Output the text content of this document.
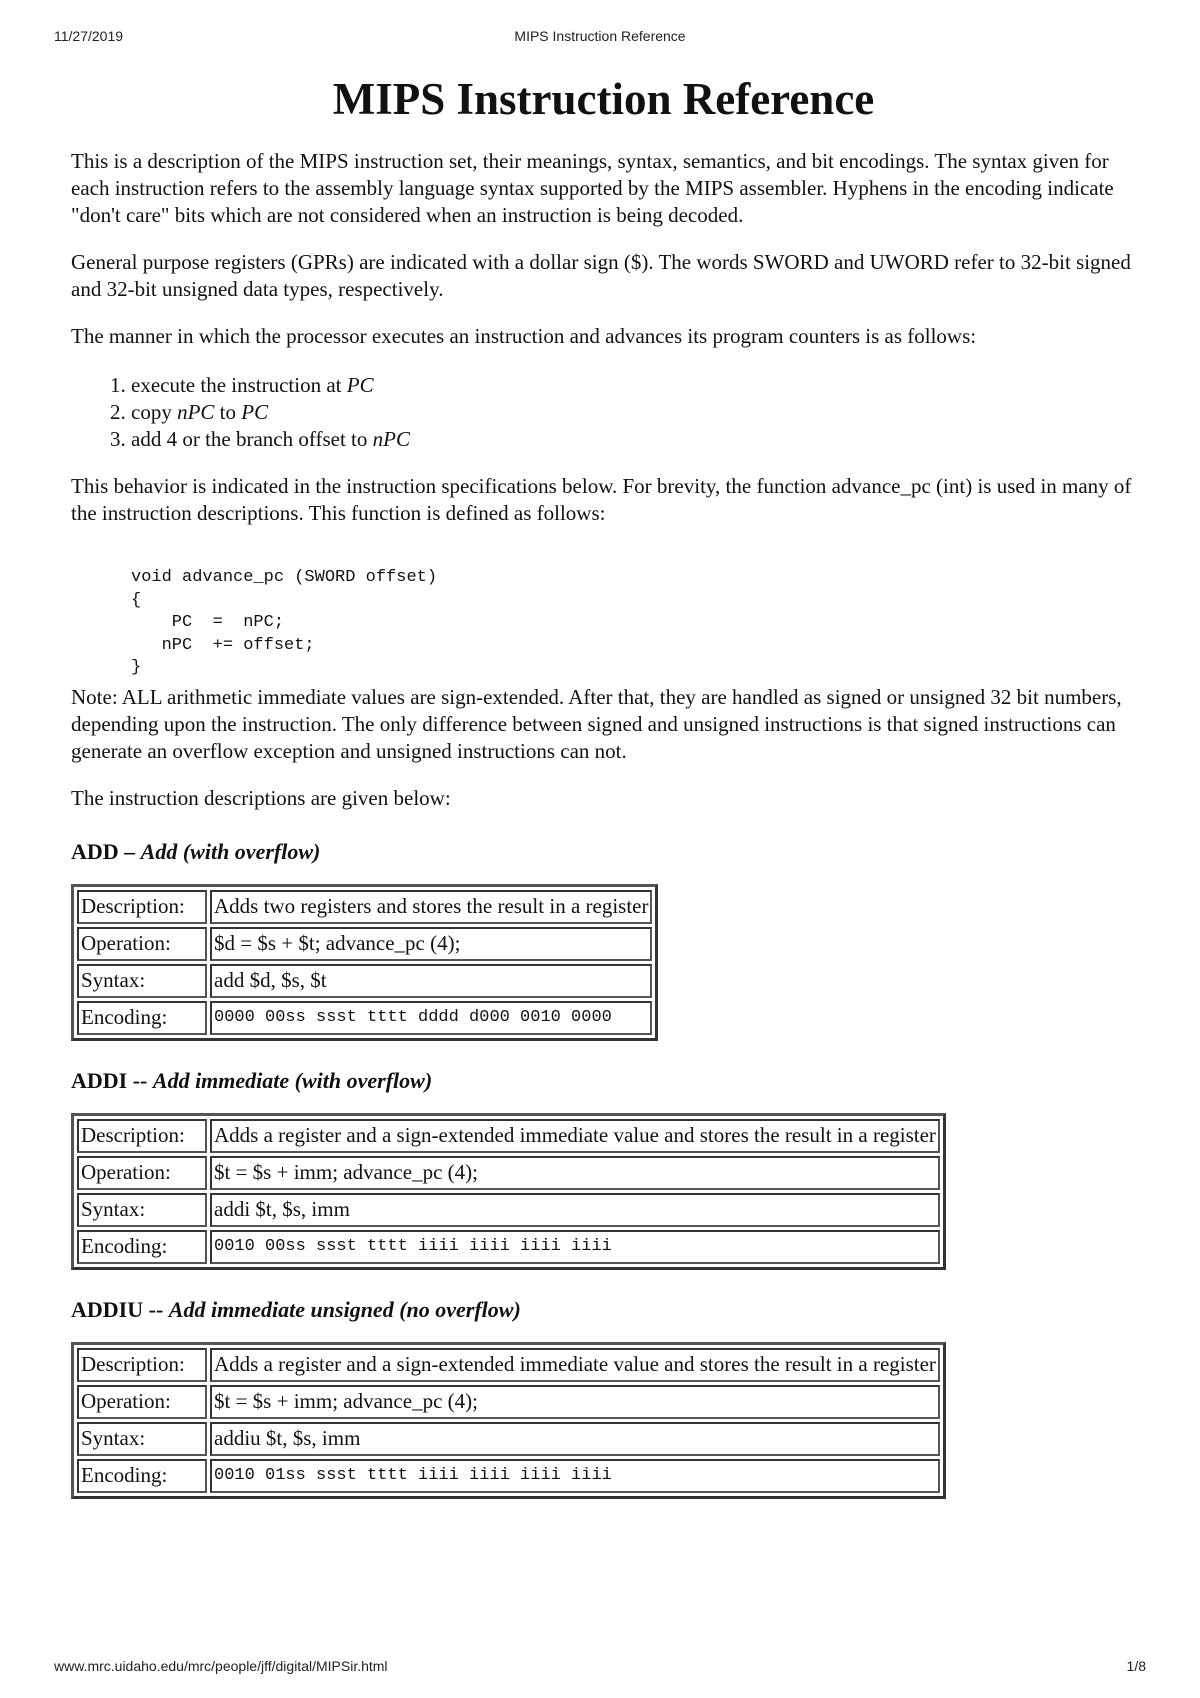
11/27/2019	MIPS Instruction Reference
MIPS Instruction Reference

This is a description of the MIPS instruction set, their meanings, syntax, semantics, and bit encodings. The syntax given for each instruction refers to the assembly language syntax supported by the MIPS assembler. Hyphens in the encoding indicate "don't care" bits which are not considered when an instruction is being decoded.

General purpose registers (GPRs) are indicated with a dollar sign ($). The words SWORD and UWORD refer to 32-bit signed and 32-bit unsigned data types, respectively.

The manner in which the processor executes an instruction and advances its program counters is as follows:

1. execute the instruction at PC
2. copy nPC to PC
3. add 4 or the branch offset to nPC

This behavior is indicated in the instruction specifications below. For brevity, the function advance_pc (int) is used in many of the instruction descriptions. This function is defined as follows:

void advance_pc (SWORD offset)
{
PC  =  nPC;
nPC  += offset;
}

Note: ALL arithmetic immediate values are sign-extended. After that, they are handled as signed or unsigned 32 bit numbers, depending upon the instruction. The only difference between signed and unsigned instructions is that signed instructions can generate an overflow exception and unsigned instructions can not.

The instruction descriptions are given below:

ADD – Add (with overflow)
Description:	Adds two registers and stores the result in a register
Operation:	$d = $s + $t; advance_pc (4);
Syntax:	add $d, $s, $t
Encoding:	0000 00ss ssst tttt dddd d000 0010 0000
ADDI -- Add immediate (with overflow)
Description:	Adds a register and a sign-extended immediate value and stores the result in a register
Operation:	$t = $s + imm; advance_pc (4);
Syntax:	addi $t, $s, imm
Encoding:	0010 00ss ssst tttt iiii iiii iiii iiii
ADDIU -- Add immediate unsigned (no overflow)
Description:	Adds a register and a sign-extended immediate value and stores the result in a register
Operation:	$t = $s + imm; advance_pc (4);
Syntax:	addiu $t, $s, imm
Encoding:	0010 01ss ssst tttt iiii iiii iiii iiii
www.mrc.uidaho.edu/mrc/people/jff/digital/MIPSir.html	1/8
